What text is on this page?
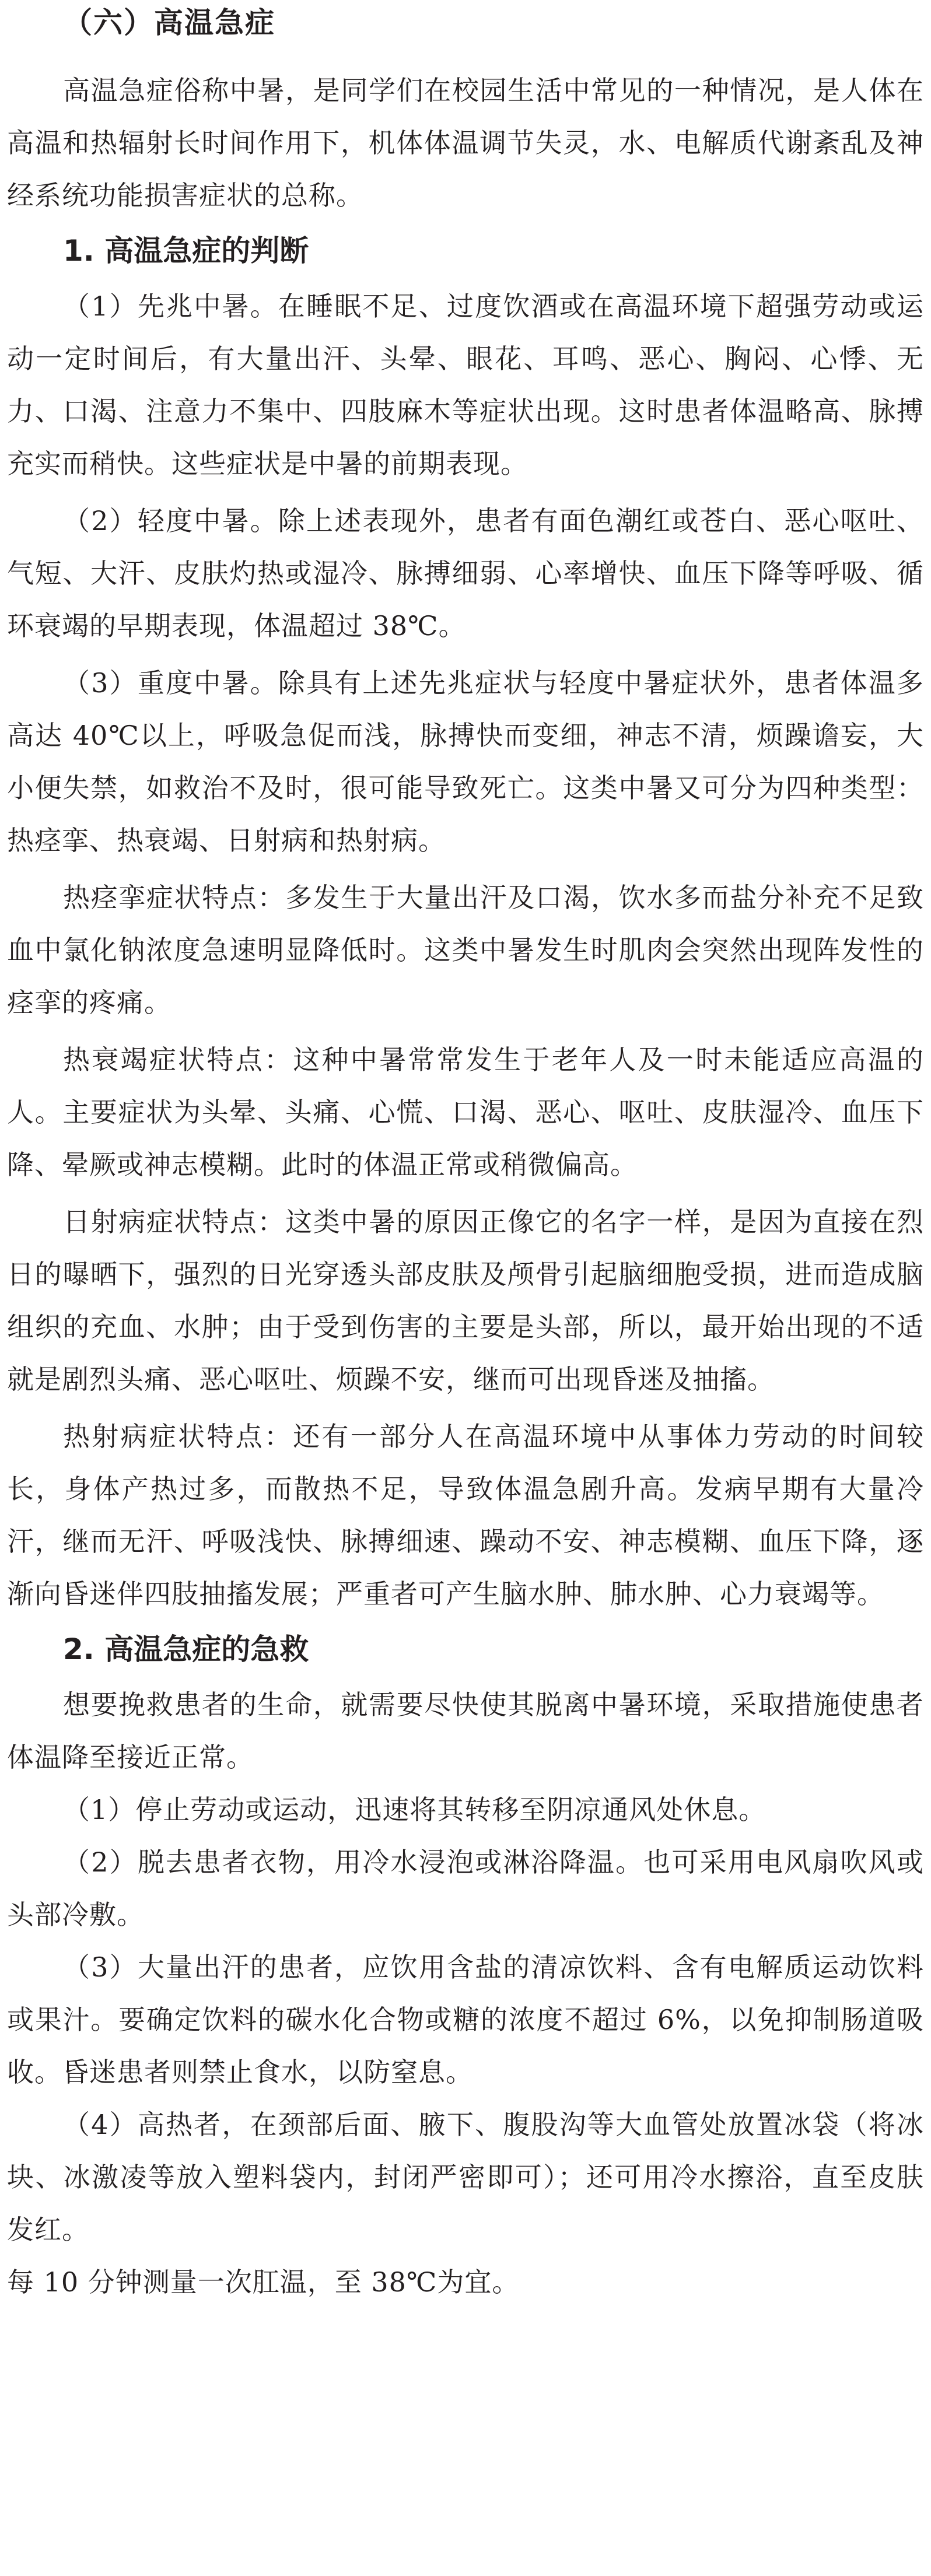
（六）高温急症

高温急症俗称中暑，是同学们在校园生活中常见的一种情况，是人体在高温和热辐射长时间作用下，机体体温调节失灵，水、电解质代谢紊乱及神经系统功能损害症状的总称。

1. 高温急症的判断

（1）先兆中暑。在睡眠不足、过度饮酒或在高温环境下超强劳动或运动一定时间后，有大量出汗、头晕、眼花、耳鸣、恶心、胸闷、心悸、无力、口渴、注意力不集中、四肢麻木等症状出现。这时患者体温略高、脉搏充实而稍快。这些症状是中暑的前期表现。

（2）轻度中暑。除上述表现外，患者有面色潮红或苍白、恶心呕吐、气短、大汗、皮肤灼热或湿冷、脉搏细弱、心率增快、血压下降等呼吸、循环衰竭的早期表现，体温超过 38℃。

（3）重度中暑。除具有上述先兆症状与轻度中暑症状外，患者体温多高达 40℃以上，呼吸急促而浅，脉搏快而变细，神志不清，烦躁谵妄，大小便失禁，如救治不及时，很可能导致死亡。这类中暑又可分为四种类型：热痉挛、热衰竭、日射病和热射病。

热痉挛症状特点：多发生于大量出汗及口渴，饮水多而盐分补充不足致血中氯化钠浓度急速明显降低时。这类中暑发生时肌肉会突然出现阵发性的痉挛的疼痛。

热衰竭症状特点：这种中暑常常发生于老年人及一时未能适应高温的人。主要症状为头晕、头痛、心慌、口渴、恶心、呕吐、皮肤湿冷、血压下降、晕厥或神志模糊。此时的体温正常或稍微偏高。

日射病症状特点：这类中暑的原因正像它的名字一样，是因为直接在烈日的曝晒下，强烈的日光穿透头部皮肤及颅骨引起脑细胞受损，进而造成脑组织的充血、水肿；由于受到伤害的主要是头部，所以，最开始出现的不适就是剧烈头痛、恶心呕吐、烦躁不安，继而可出现昏迷及抽搐。

热射病症状特点：还有一部分人在高温环境中从事体力劳动的时间较长，身体产热过多，而散热不足，导致体温急剧升高。发病早期有大量冷汗，继而无汗、呼吸浅快、脉搏细速、躁动不安、神志模糊、血压下降，逐渐向昏迷伴四肢抽搐发展；严重者可产生脑水肿、肺水肿、心力衰竭等。

2. 高温急症的急救

想要挽救患者的生命，就需要尽快使其脱离中暑环境，采取措施使患者体温降至接近正常。

（1）停止劳动或运动，迅速将其转移至阴凉通风处休息。

（2）脱去患者衣物，用冷水浸泡或淋浴降温。也可采用电风扇吹风或头部冷敷。

（3）大量出汗的患者，应饮用含盐的清凉饮料、含有电解质运动饮料或果汁。要确定饮料的碳水化合物或糖的浓度不超过 6%，以免抑制肠道吸收。昏迷患者则禁止食水，以防窒息。

（4）高热者，在颈部后面、腋下、腹股沟等大血管处放置冰袋（将冰块、冰激凌等放入塑料袋内，封闭严密即可）；还可用冷水擦浴，直至皮肤发红。

每 10 分钟测量一次肛温，至 38℃为宜。
